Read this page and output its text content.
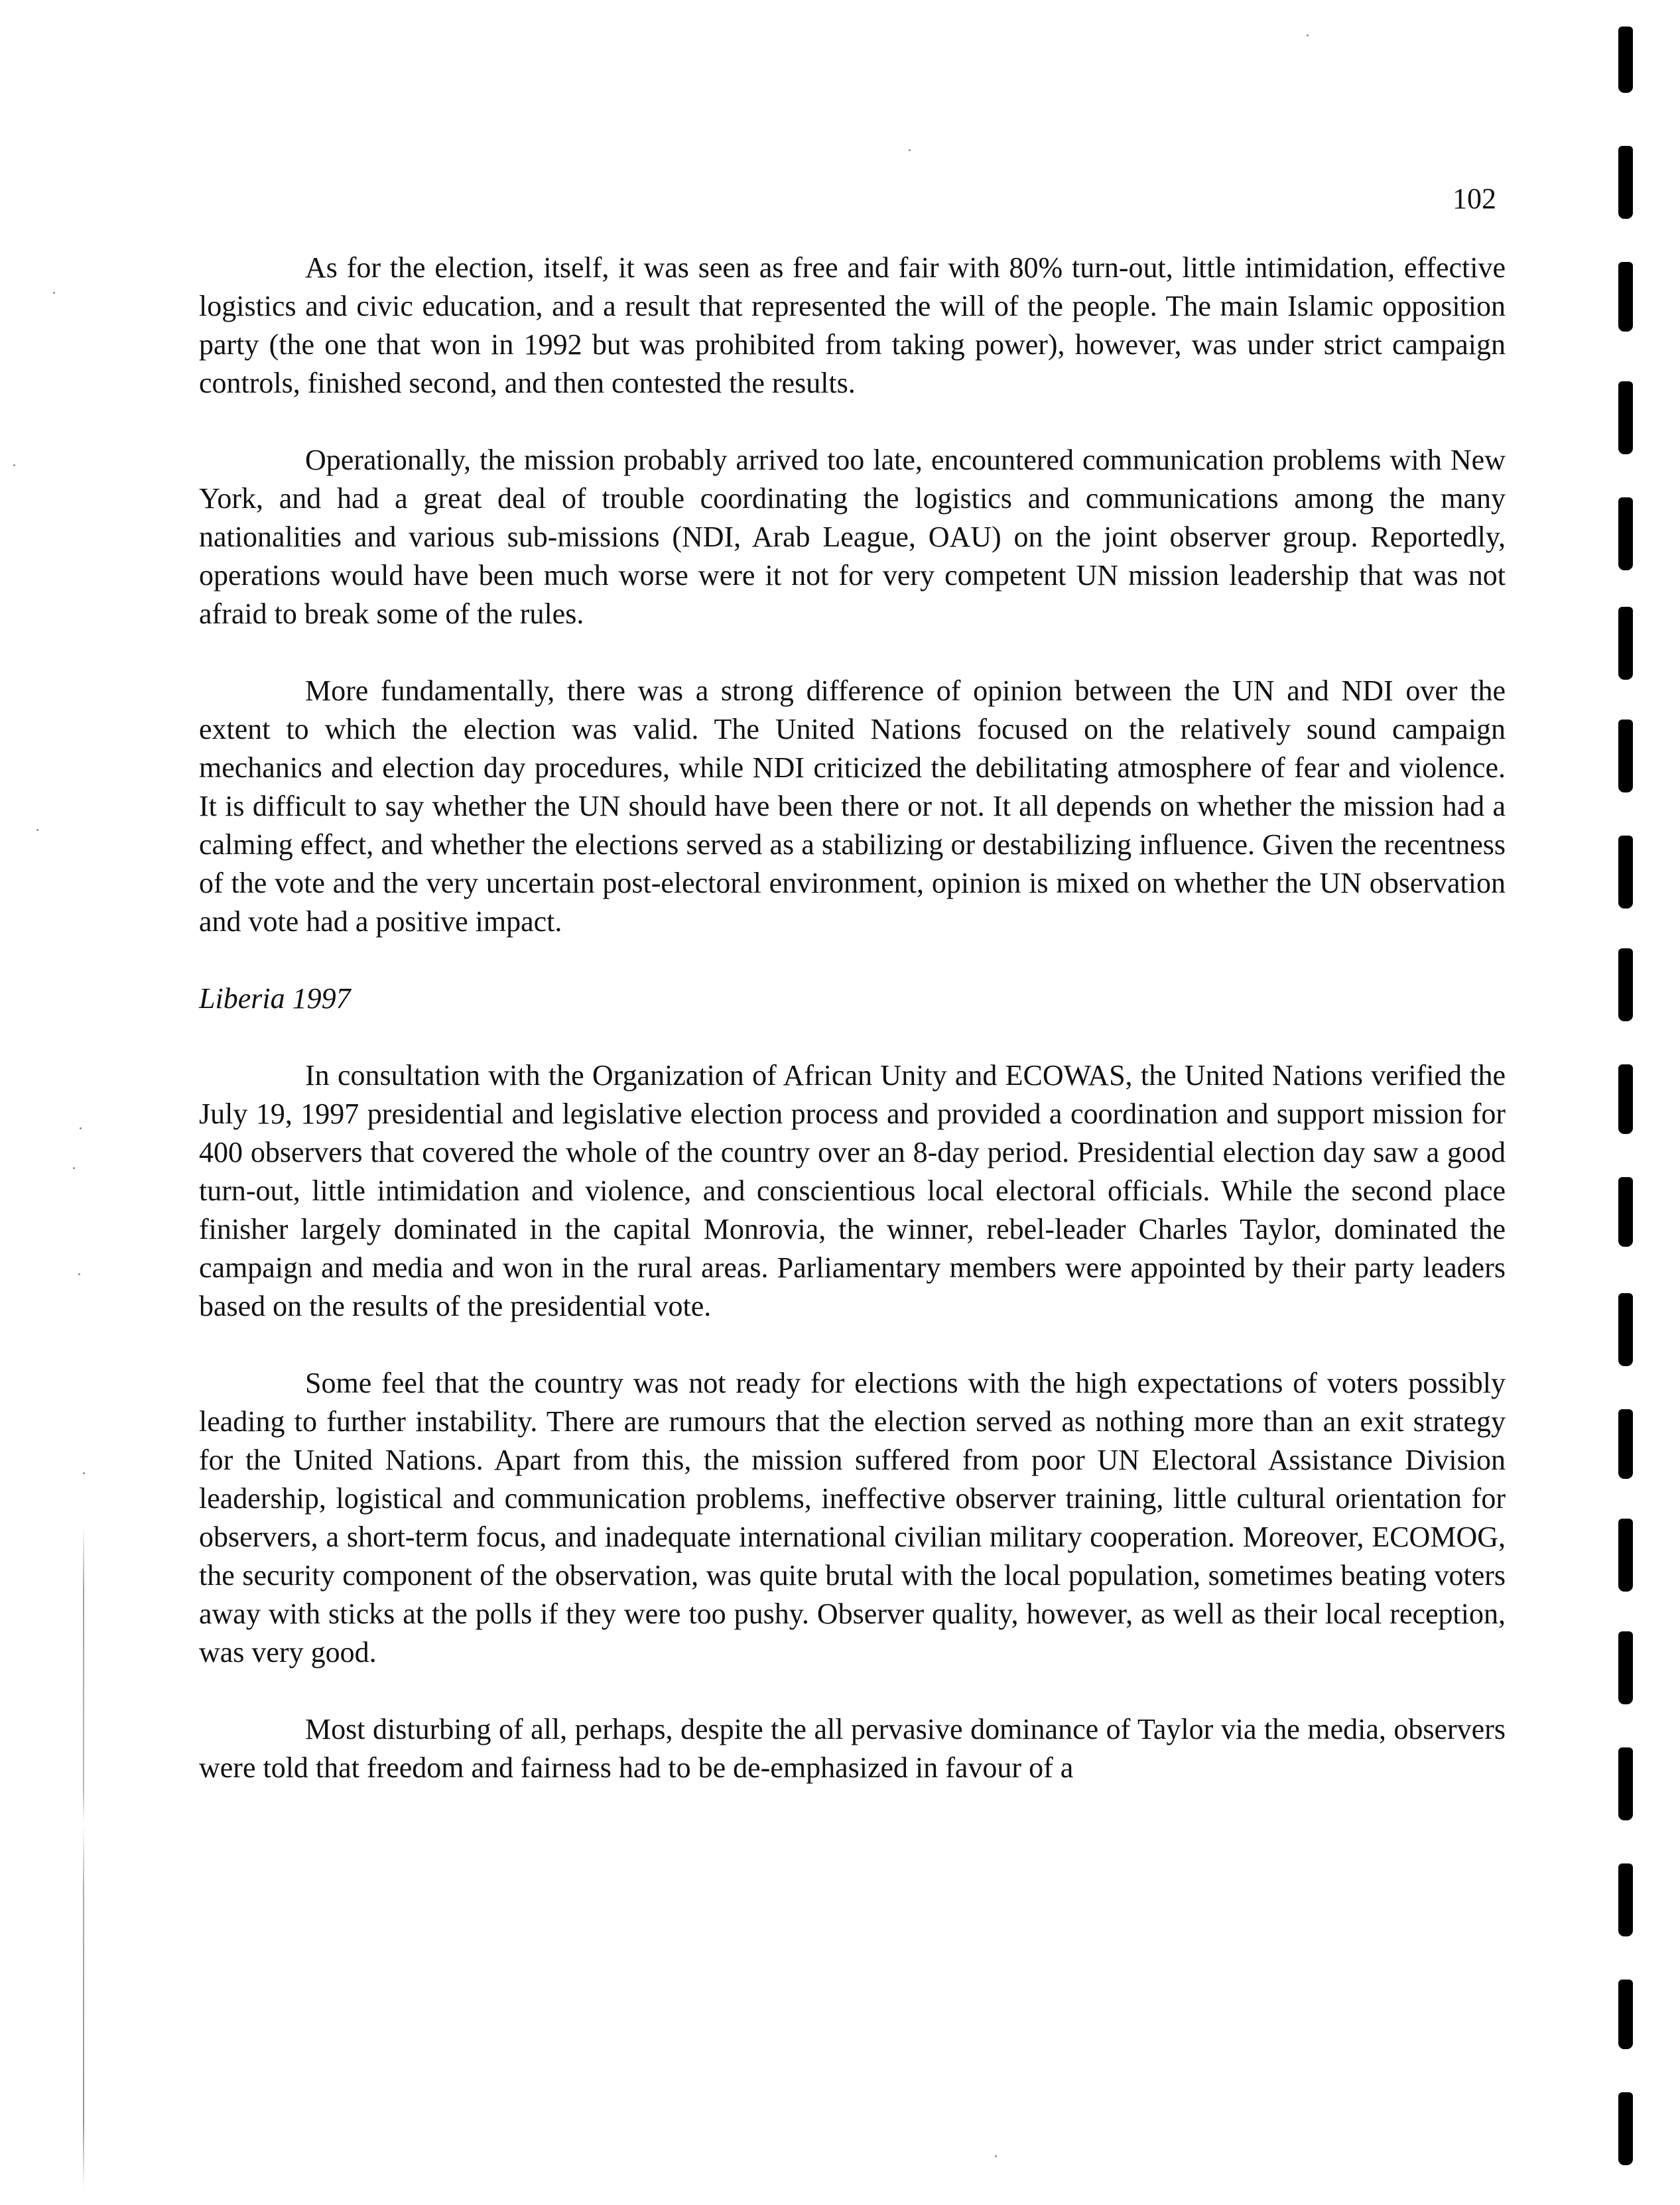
102

As for the election, itself, it was seen as free and fair with 80% turn-out, little intimidation, effective logistics and civic education, and a result that represented the will of the people. The main Islamic opposition party (the one that won in 1992 but was prohibited from taking power), however, was under strict campaign controls, finished second, and then contested the results.

Operationally, the mission probably arrived too late, encountered communication problems with New York, and had a great deal of trouble coordinating the logistics and communications among the many nationalities and various sub-missions (NDI, Arab League, OAU) on the joint observer group. Reportedly, operations would have been much worse were it not for very competent UN mission leadership that was not afraid to break some of the rules.

More fundamentally, there was a strong difference of opinion between the UN and NDI over the extent to which the election was valid. The United Nations focused on the relatively sound campaign mechanics and election day procedures, while NDI criticized the debilitating atmosphere of fear and violence. It is difficult to say whether the UN should have been there or not. It all depends on whether the mission had a calming effect, and whether the elections served as a stabilizing or destabilizing influence. Given the recentness of the vote and the very uncertain post-electoral environment, opinion is mixed on whether the UN observation and vote had a positive impact.

Liberia 1997

In consultation with the Organization of African Unity and ECOWAS, the United Nations verified the July 19, 1997 presidential and legislative election process and provided a coordination and support mission for 400 observers that covered the whole of the country over an 8-day period. Presidential election day saw a good turn-out, little intimidation and violence, and conscientious local electoral officials. While the second place finisher largely dominated in the capital Monrovia, the winner, rebel-leader Charles Taylor, dominated the campaign and media and won in the rural areas. Parliamentary members were appointed by their party leaders based on the results of the presidential vote.

Some feel that the country was not ready for elections with the high expectations of voters possibly leading to further instability. There are rumours that the election served as nothing more than an exit strategy for the United Nations. Apart from this, the mission suffered from poor UN Electoral Assistance Division leadership, logistical and communication problems, ineffective observer training, little cultural orientation for observers, a short-term focus, and inadequate international civilian military cooperation. Moreover, ECOMOG, the security component of the observation, was quite brutal with the local population, sometimes beating voters away with sticks at the polls if they were too pushy. Observer quality, however, as well as their local reception, was very good.

Most disturbing of all, perhaps, despite the all pervasive dominance of Taylor via the media, observers were told that freedom and fairness had to be de-emphasized in favour of a
